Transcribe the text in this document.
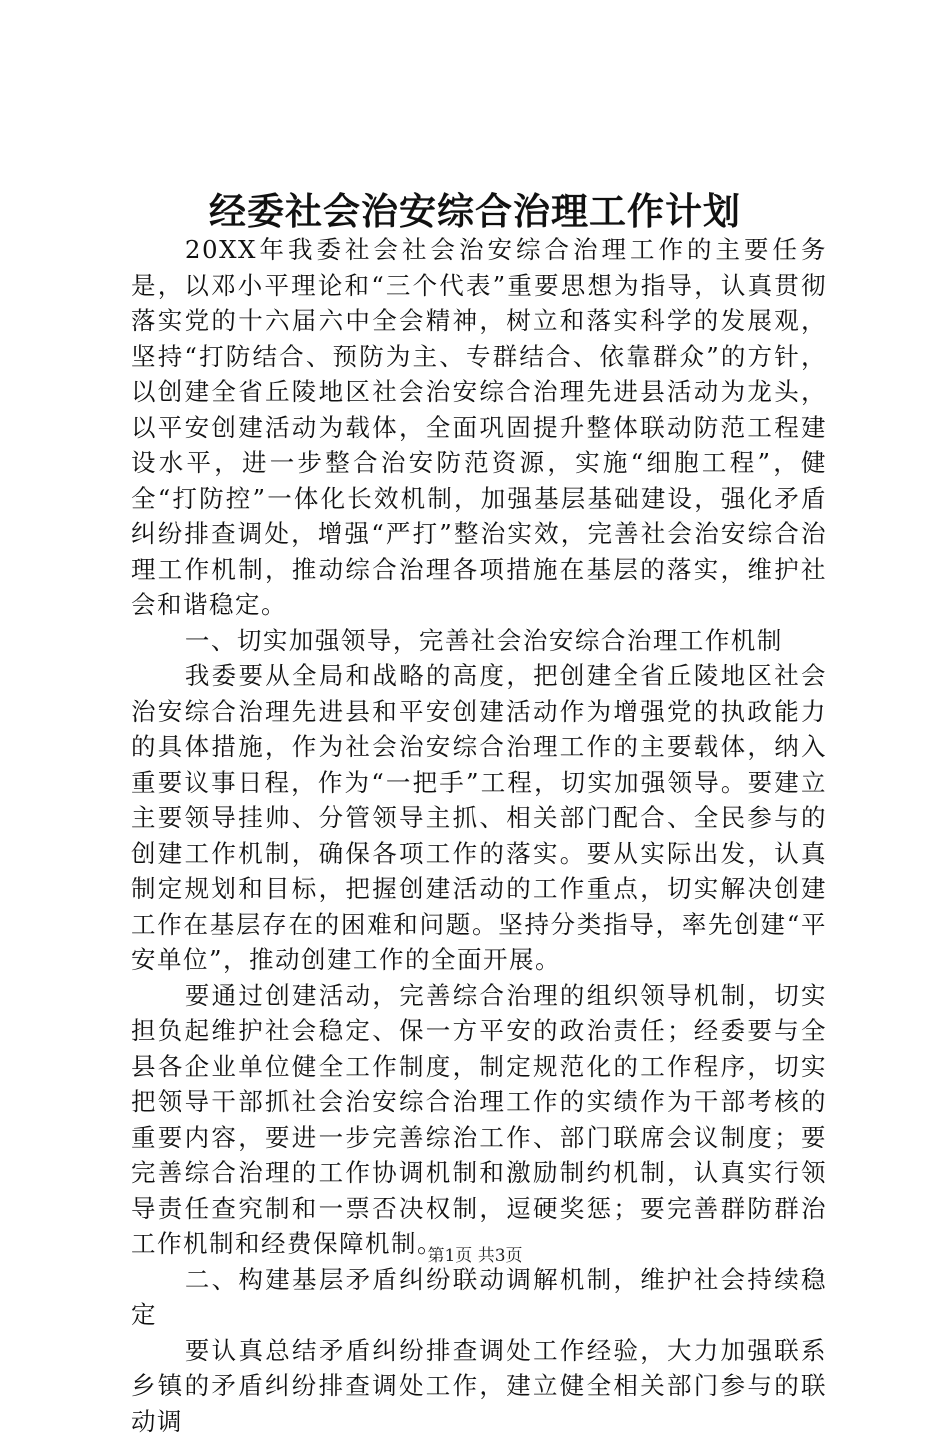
经委社会治安综合治理工作计划

20XX年我委社会社会治安综合治理工作的主要任务是，以邓小平理论和“三个代表”重要思想为指导，认真贯彻落实党的十六届六中全会精神，树立和落实科学的发展观，坚持“打防结合、预防为主、专群结合、依靠群众”的方针，以创建全省丘陵地区社会治安综合治理先进县活动为龙头，以平安创建活动为载体，全面巩固提升整体联动防范工程建设水平，进一步整合治安防范资源，实施“细胞工程”，健全“打防控”一体化长效机制，加强基层基础建设，强化矛盾纠纷排查调处，增强“严打”整治实效，完善社会治安综合治理工作机制，推动综合治理各项措施在基层的落实，维护社会和谐稳定。

一、切实加强领导，完善社会治安综合治理工作机制

我委要从全局和战略的高度，把创建全省丘陵地区社会治安综合治理先进县和平安创建活动作为增强党的执政能力的具体措施，作为社会治安综合治理工作的主要载体，纳入重要议事日程，作为“一把手”工程，切实加强领导。要建立主要领导挂帅、分管领导主抓、相关部门配合、全民参与的创建工作机制，确保各项工作的落实。要从实际出发，认真制定规划和目标，把握创建活动的工作重点，切实解决创建工作在基层存在的困难和问题。坚持分类指导，率先创建“平安单位”，推动创建工作的全面开展。

要通过创建活动，完善综合治理的组织领导机制，切实担负起维护社会稳定、保一方平安的政治责任；经委要与全县各企业单位健全工作制度，制定规范化的工作程序，切实把领导干部抓社会治安综合治理工作的实绩作为干部考核的重要内容，要进一步完善综治工作、部门联席会议制度；要完善综合治理的工作协调机制和激励制约机制，认真实行领导责任查究制和一票否决权制，逗硬奖惩；要完善群防群治工作机制和经费保障机制。

二、构建基层矛盾纠纷联动调解机制，维护社会持续稳定

要认真总结矛盾纠纷排查调处工作经验，大力加强联系乡镇的矛盾纠纷排查调处工作，建立健全相关部门参与的联动调

第1页 共3页
